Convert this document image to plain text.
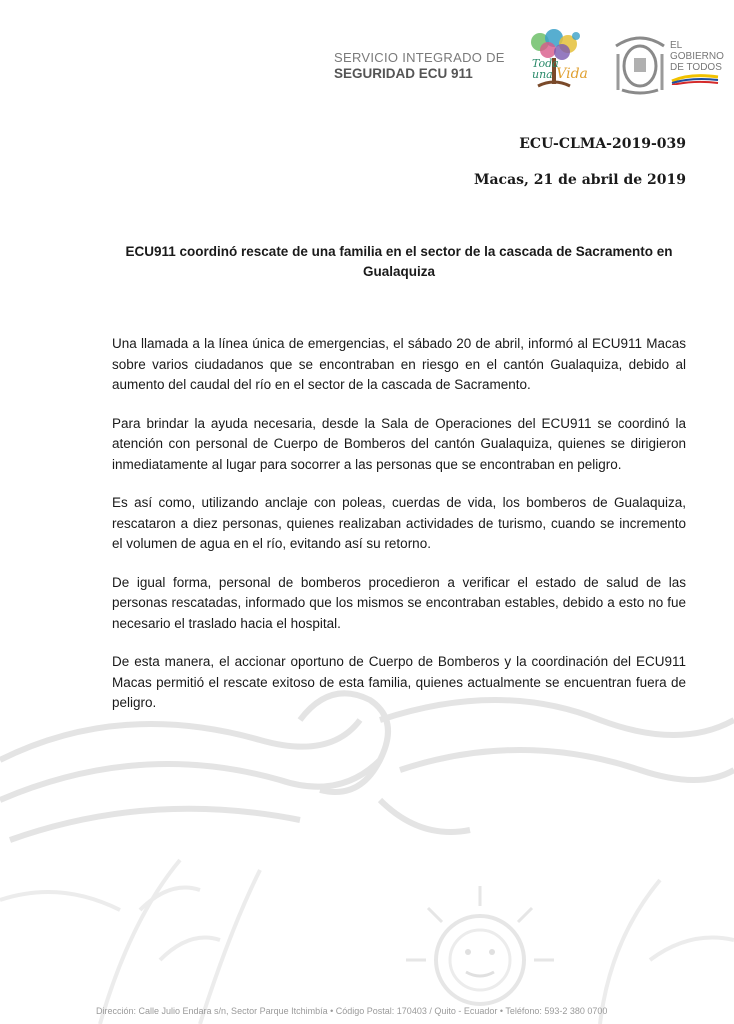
SERVICIO INTEGRADO DE
SEGURIDAD ECU 911
Toda
una Vida
EL
GOBIERNO
DE TODOS
ECU-CLMA-2019-039
Macas, 21 de abril de 2019
ECU911 coordinó rescate de una familia en el sector de la cascada de Sacramento en Gualaquiza

Una llamada a la línea única de emergencias, el sábado 20 de abril, informó al ECU911 Macas sobre varios ciudadanos que se encontraban en riesgo en el cantón Gualaquiza, debido al aumento del caudal del río en el sector de la cascada de Sacramento.

Para brindar la ayuda necesaria, desde la Sala de Operaciones del ECU911 se coordinó la atención con personal de Cuerpo de Bomberos del cantón Gualaquiza, quienes se dirigieron inmediatamente al lugar para socorrer a las personas que se encontraban en peligro.

Es así como, utilizando anclaje con poleas, cuerdas de vida, los bomberos de Gualaquiza, rescataron a diez personas, quienes realizaban actividades de turismo, cuando se incremento el volumen de agua en el río, evitando así su retorno.

De igual forma, personal de bomberos procedieron a verificar el estado de salud de las personas rescatadas, informado que los mismos se encontraban estables, debido a esto no fue necesario el traslado hacia el hospital.

De esta manera, el accionar oportuno de Cuerpo de Bomberos y la coordinación del ECU911 Macas permitió el rescate exitoso de esta familia, quienes actualmente se encuentran fuera de peligro.

Dirección: Calle Julio Endara s/n, Sector Parque Itchimbía • Código Postal: 170403 / Quito - Ecuador • Teléfono: 593-2 380 0700
